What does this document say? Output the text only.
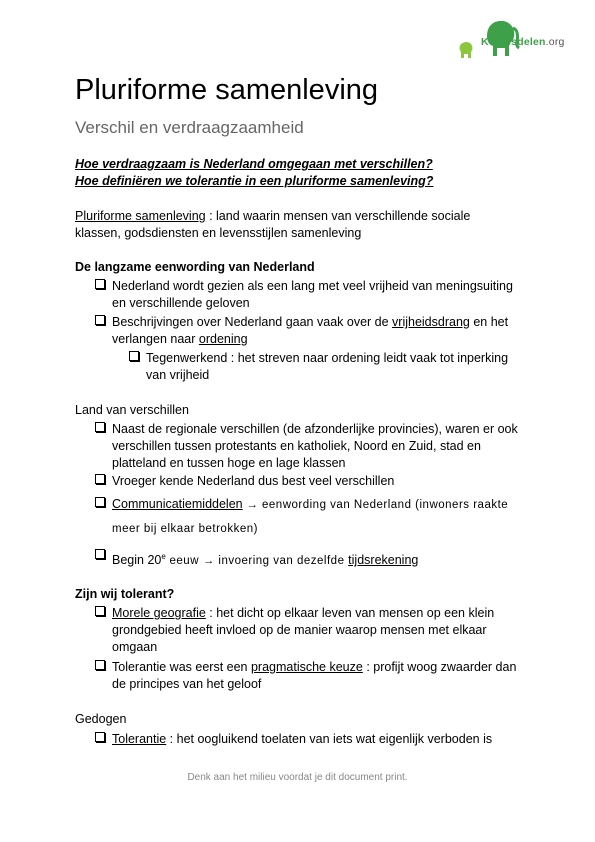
Kennisdelen.org
Pluriforme samenleving
Verschil en verdraagzaamheid
Hoe verdraagzaam is Nederland omgegaan met verschillen?
Hoe definiëren we tolerantie in een pluriforme samenleving?
Pluriforme samenleving : land waarin mensen van verschillende sociale
klassen, godsdiensten en levensstijlen samenleving
De langzame eenwording van Nederland
Nederland wordt gezien als een lang met veel vrijheid van meningsuiting
en verschillende geloven
Beschrijvingen over Nederland gaan vaak over de vrijheidsdrang en het
verlangen naar ordening
Tegenwerkend : het streven naar ordening leidt vaak tot inperking
van vrijheid
Land van verschillen
Naast de regionale verschillen (de afzonderlijke provincies), waren er ook
verschillen tussen protestants en katholiek, Noord en Zuid, stad en
platteland en tussen hoge en lage klassen
Vroeger kende Nederland dus best veel verschillen
Communicatiemiddelen → eenwording van Nederland (inwoners raakte
meer bij elkaar betrokken)
Begin 20e eeuw → invoering van dezelfde tijdsrekening
Zijn wij tolerant?
Morele geografie : het dicht op elkaar leven van mensen op een klein
grondgebied heeft invloed op de manier waarop mensen met elkaar
omgaan
Tolerantie was eerst een pragmatische keuze : profijt woog zwaarder dan
de principes van het geloof
Gedogen
Tolerantie : het oogluikend toelaten van iets wat eigenlijk verboden is
Denk aan het milieu voordat je dit document print.
